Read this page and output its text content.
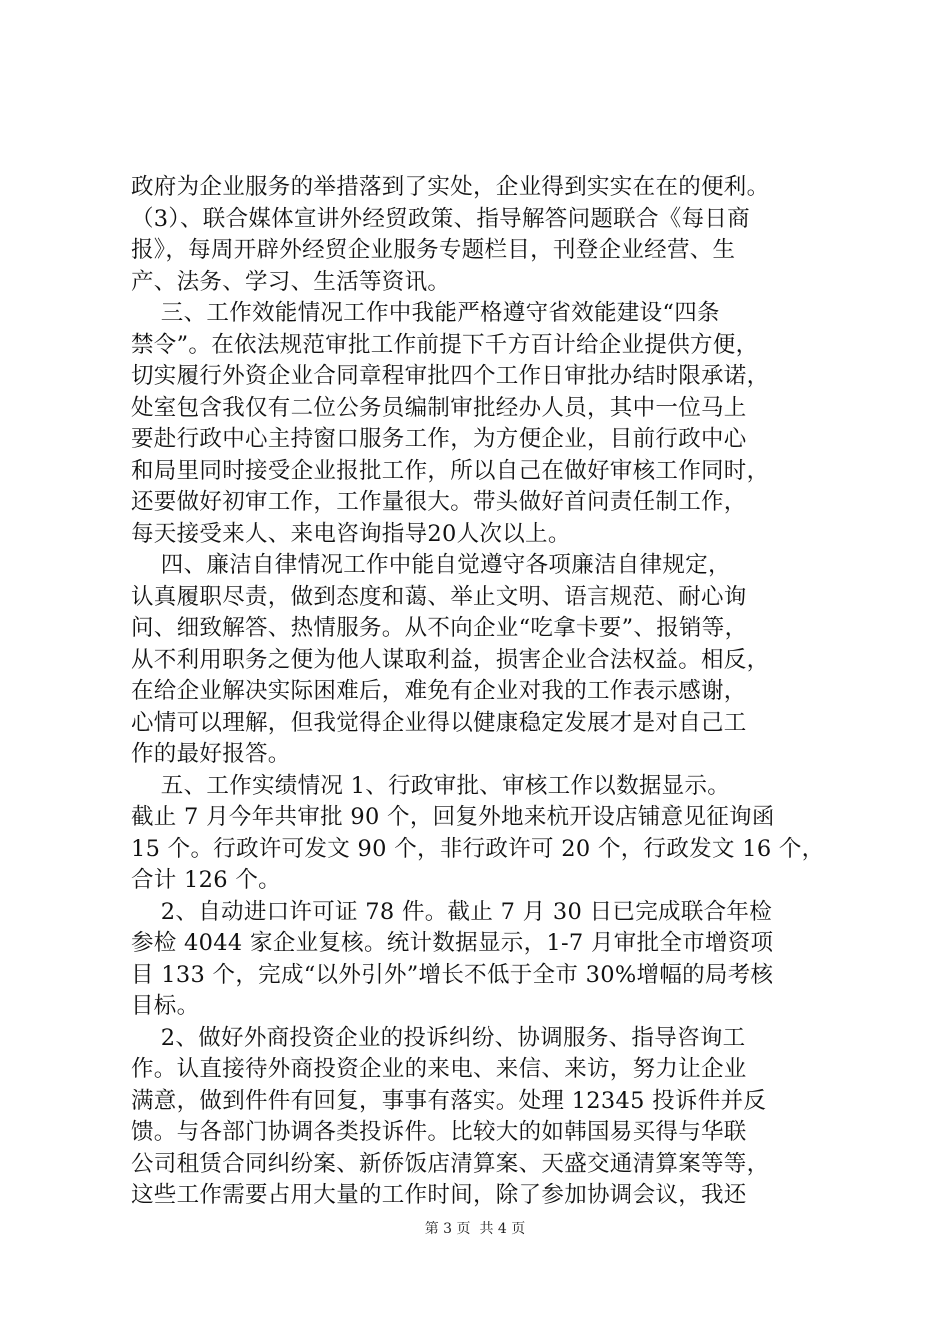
政府为企业服务的举措落到了实处，企业得到实实在在的便利。
（3）、联合媒体宣讲外经贸政策、指导解答问题联合《每日商
报》，每周开辟外经贸企业服务专题栏目，刊登企业经营、生
产、法务、学习、生活等资讯。
三、工作效能情况工作中我能严格遵守省效能建设“四条
禁令”。在依法规范审批工作前提下千方百计给企业提供方便，
切实履行外资企业合同章程审批四个工作日审批办结时限承诺，
处室包含我仅有二位公务员编制审批经办人员，其中一位马上
要赴行政中心主持窗口服务工作，为方便企业，目前行政中心
和局里同时接受企业报批工作，所以自己在做好审核工作同时，
还要做好初审工作，工作量很大。带头做好首问责任制工作，
每天接受来人、来电咨询指导20人次以上。
四、廉洁自律情况工作中能自觉遵守各项廉洁自律规定，
认真履职尽责，做到态度和蔼、举止文明、语言规范、耐心询
问、细致解答、热情服务。从不向企业“吃拿卡要”、报销等，
从不利用职务之便为他人谋取利益，损害企业合法权益。相反，
在给企业解决实际困难后，难免有企业对我的工作表示感谢，
心情可以理解，但我觉得企业得以健康稳定发展才是对自己工
作的最好报答。
五、工作实绩情况 1、行政审批、审核工作以数据显示。
截止 7 月今年共审批 90 个，回复外地来杭开设店铺意见征询函
15 个。行政许可发文 90 个，非行政许可 20 个，行政发文 16 个，
合计 126 个。
2、自动进口许可证 78 件。截止 7 月 30 日已完成联合年检
参检 4044 家企业复核。统计数据显示，1-7 月审批全市增资项
目 133 个，完成“以外引外”增长不低于全市 30%增幅的局考核
目标。
2、做好外商投资企业的投诉纠纷、协调服务、指导咨询工
作。认直接待外商投资企业的来电、来信、来访，努力让企业
满意，做到件件有回复，事事有落实。处理 12345 投诉件并反
馈。与各部门协调各类投诉件。比较大的如韩国易买得与华联
公司租赁合同纠纷案、新侨饭店清算案、天盛交通清算案等等，
这些工作需要占用大量的工作时间，除了参加协调会议，我还
第 3 页  共 4 页
